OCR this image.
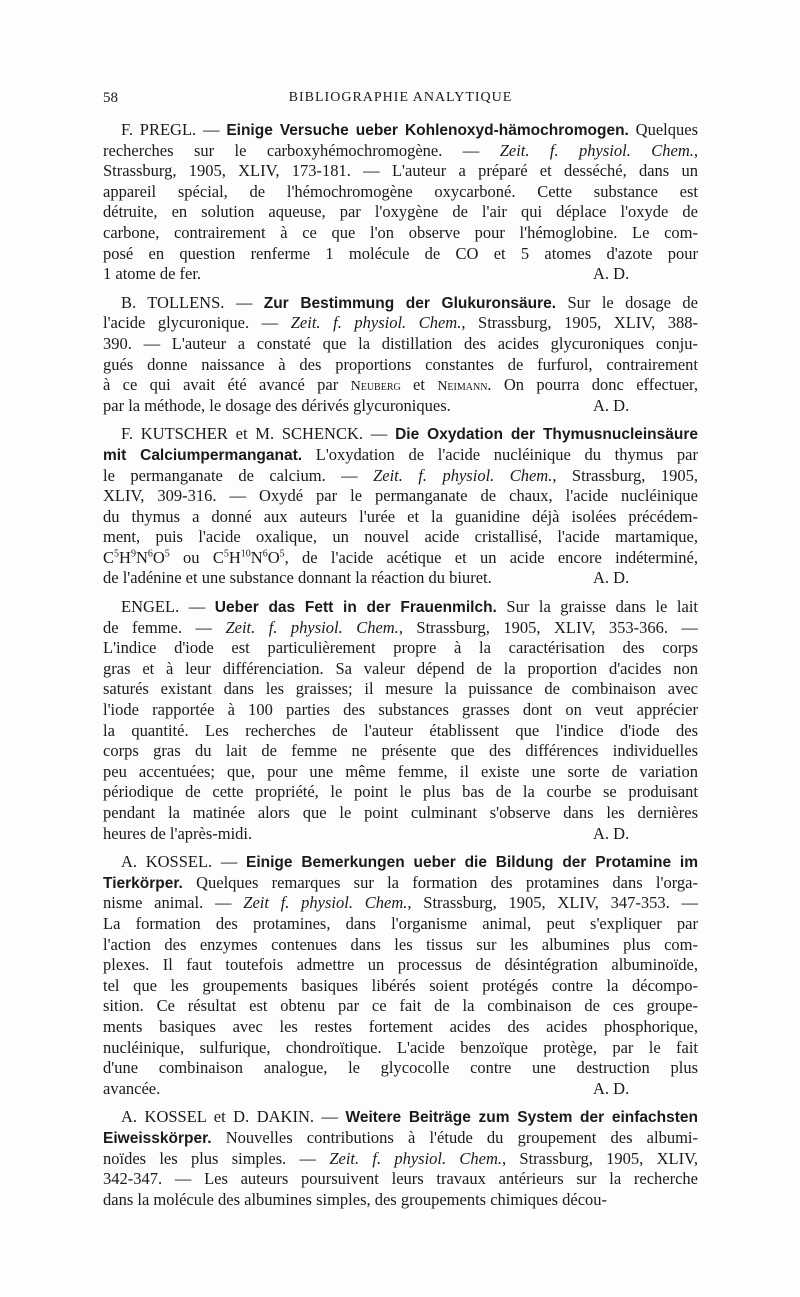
58	BIBLIOGRAPHIE ANALYTIQUE
F. PREGL. — Einige Versuche ueber Kohlenoxyd-hämochromogen. Quelques
recherches sur le carboxyhémochromogène. — Zeit. f. physiol. Chem.,
Strassburg, 1905, XLIV, 173-181. — L'auteur a préparé et desséché, dans un
appareil spécial, de l'hémochromogène oxycarboné. Cette substance est
détruite, en solution aqueuse, par l'oxygène de l'air qui déplace l'oxyde de
carbone, contrairement à ce que l'on observe pour l'hémoglobine. Le com-
posé en question renferme 1 molécule de CO et 5 atomes d'azote pour
1 atome de fer.	A. D.
B. TOLLENS. — Zur Bestimmung der Glukuronsäure. Sur le dosage de
l'acide glycuronique. — Zeit. f. physiol. Chem., Strassburg, 1905, XLIV, 388-
390. — L'auteur a constaté que la distillation des acides glycuroniques conju-
gués donne naissance à des proportions constantes de furfurol, contrairement
à ce qui avait été avancé par Neuberg et Neimann. On pourra donc effectuer,
par la méthode, le dosage des dérivés glycuroniques.	A. D.
F. KUTSCHER et M. SCHENCK. — Die Oxydation der Thymusnucleinsäure
mit Calciumpermanganat. L'oxydation de l'acide nucléinique du thymus par
le permanganate de calcium. — Zeit. f. physiol. Chem., Strassburg, 1905,
XLIV, 309-316. — Oxydé par le permanganate de chaux, l'acide nucléinique
du thymus a donné aux auteurs l'urée et la guanidine déjà isolées précédem-
ment, puis l'acide oxalique, un nouvel acide cristallisé, l'acide martamique,
$C^5H^9N^6O^5$ ou $C^5H^{10}N^6O^5$, de l'acide acétique et un acide encore indéterminé,
de l'adénine et une substance donnant la réaction du biuret.	A. D.
ENGEL. — Ueber das Fett in der Frauenmilch. Sur la graisse dans le lait
de femme. — Zeit. f. physiol. Chem., Strassburg, 1905, XLIV, 353-366. —
L'indice d'iode est particulièrement propre à la caractérisation des corps
gras et à leur différenciation. Sa valeur dépend de la proportion d'acides non
saturés existant dans les graisses; il mesure la puissance de combinaison avec
l'iode rapportée à 100 parties des substances grasses dont on veut apprécier
la quantité. Les recherches de l'auteur établissent que l'indice d'iode des
corps gras du lait de femme ne présente que des différences individuelles
peu accentuées; que, pour une même femme, il existe une sorte de variation
périodique de cette propriété, le point le plus bas de la courbe se produisant
pendant la matinée alors que le point culminant s'observe dans les dernières
heures de l'après-midi.	A. D.
A. KOSSEL. — Einige Bemerkungen ueber die Bildung der Protamine im
Tierkörper. Quelques remarques sur la formation des protamines dans l'orga-
nisme animal. — Zeit f. physiol. Chem., Strassburg, 1905, XLIV, 347-353. —
La formation des protamines, dans l'organisme animal, peut s'expliquer par
l'action des enzymes contenues dans les tissus sur les albumines plus com-
plexes. Il faut toutefois admettre un processus de désintégration albuminoïde,
tel que les groupements basiques libérés soient protégés contre la décompo-
sition. Ce résultat est obtenu par ce fait de la combinaison de ces groupe-
ments basiques avec les restes fortement acides des acides phosphorique,
nucléinique, sulfurique, chondroïtique. L'acide benzoïque protège, par le fait
d'une combinaison analogue, le glycocolle contre une destruction plus
avancée.	A. D.
A. KOSSEL et D. DAKIN. — Weitere Beiträge zum System der einfachsten
Eiweisskörper. Nouvelles contributions à l'étude du groupement des albumi-
noïdes les plus simples. — Zeit. f. physiol. Chem., Strassburg, 1905, XLIV,
342-347. — Les auteurs poursuivent leurs travaux antérieurs sur la recherche
dans la molécule des albumines simples, des groupements chimiques décou-
